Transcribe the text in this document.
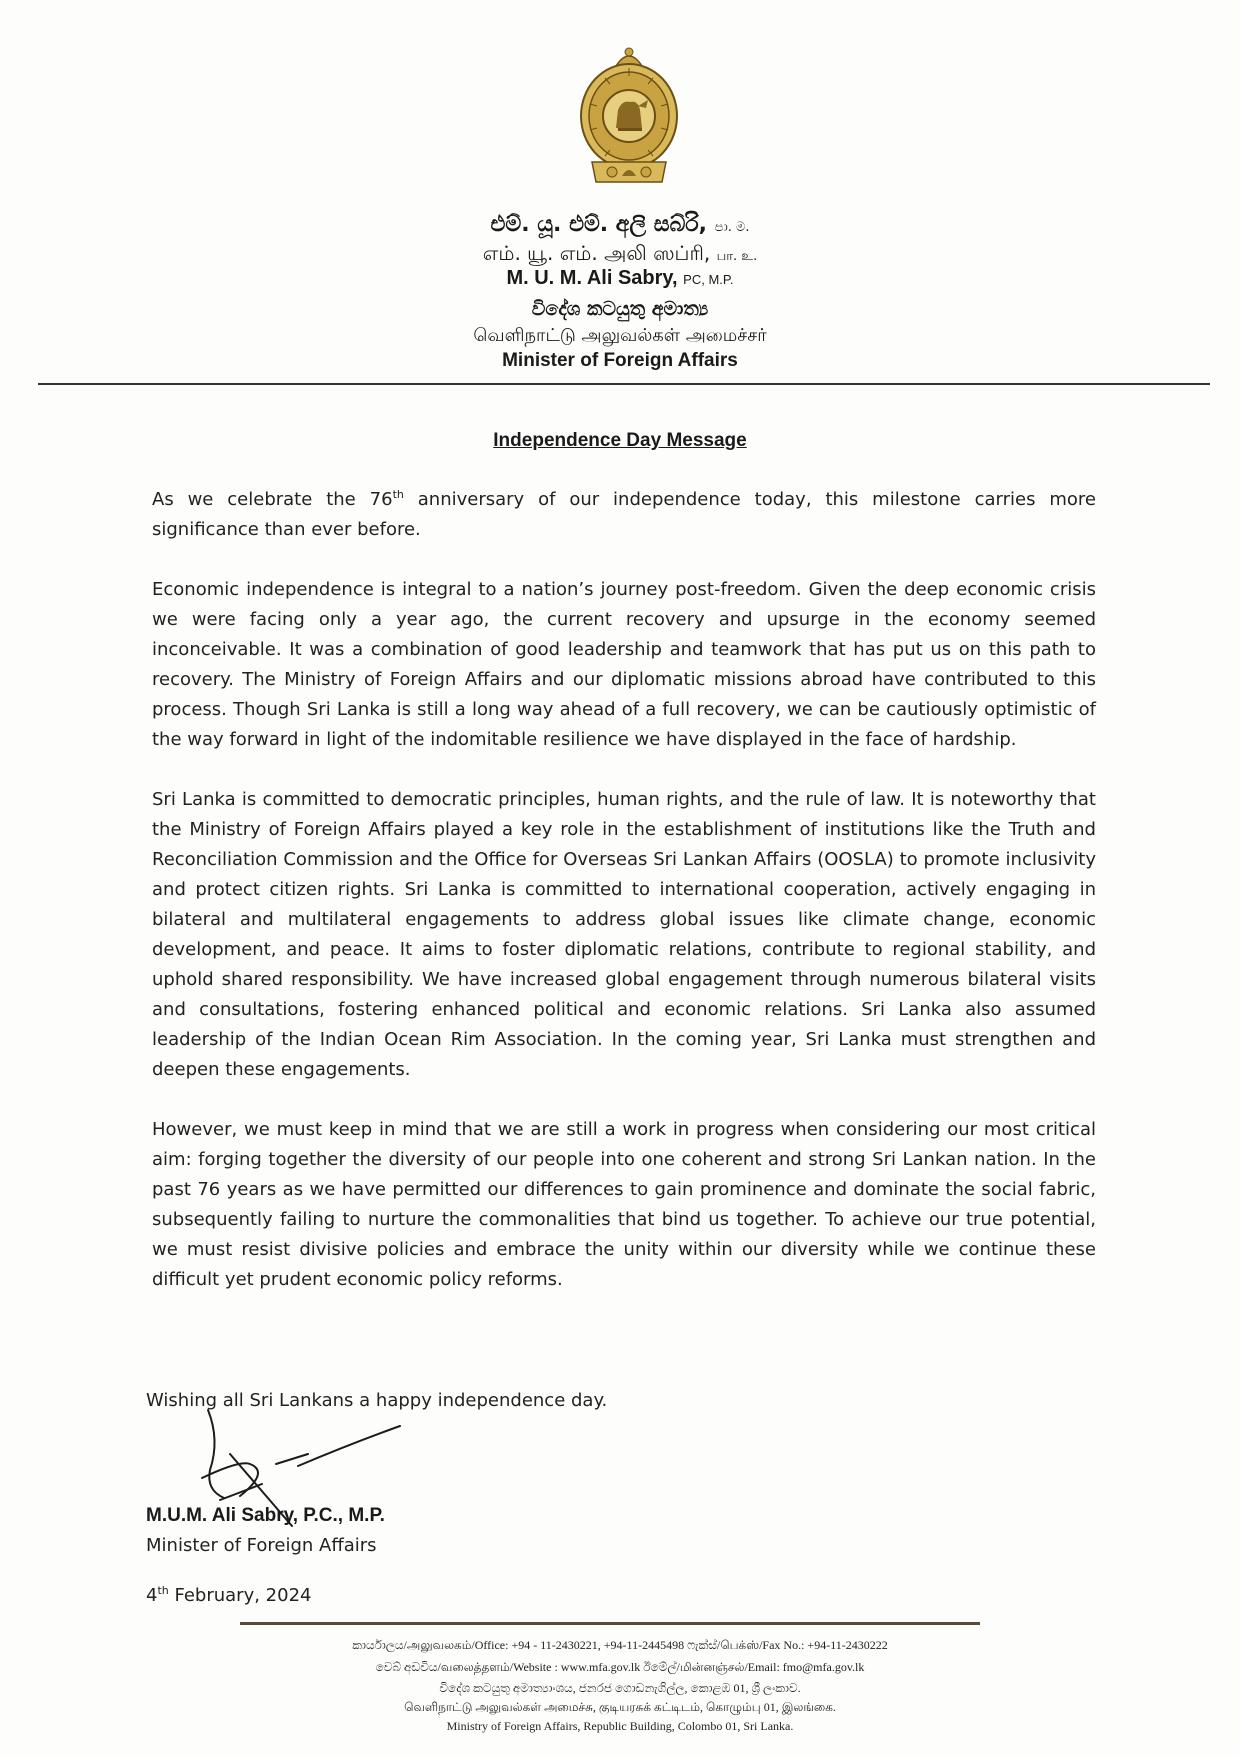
එම්. යූ. එම්. අලි සබ්රි, පා. ම.
எம். யூ. எம். அலி ஸப்ரி, பா. உ.
M. U. M. Ali Sabry, PC, M.P.
විදේශ කටයුතු අමාත්‍ය
வெளிநாட்டு அலுவல்கள் அமைச்சர்
Minister of Foreign Affairs
Independence Day Message

As we celebrate the 76th anniversary of our independence today, this milestone carries more significance than ever before.

Economic independence is integral to a nation’s journey post-freedom. Given the deep economic crisis we were facing only a year ago, the current recovery and upsurge in the economy seemed inconceivable. It was a combination of good leadership and teamwork that has put us on this path to recovery. The Ministry of Foreign Affairs and our diplomatic missions abroad have contributed to this process. Though Sri Lanka is still a long way ahead of a full recovery, we can be cautiously optimistic of the way forward in light of the indomitable resilience we have displayed in the face of hardship.

Sri Lanka is committed to democratic principles, human rights, and the rule of law. It is noteworthy that the Ministry of Foreign Affairs played a key role in the establishment of institutions like the Truth and Reconciliation Commission and the Office for Overseas Sri Lankan Affairs (OOSLA) to promote inclusivity and protect citizen rights. Sri Lanka is committed to international cooperation, actively engaging in bilateral and multilateral engagements to address global issues like climate change, economic development, and peace. It aims to foster diplomatic relations, contribute to regional stability, and uphold shared responsibility. We have increased global engagement through numerous bilateral visits and consultations, fostering enhanced political and economic relations. Sri Lanka also assumed leadership of the Indian Ocean Rim Association. In the coming year, Sri Lanka must strengthen and deepen these engagements.

However, we must keep in mind that we are still a work in progress when considering our most critical aim: forging together the diversity of our people into one coherent and strong Sri Lankan nation. In the past 76 years as we have permitted our differences to gain prominence and dominate the social fabric, subsequently failing to nurture the commonalities that bind us together. To achieve our true potential, we must resist divisive policies and embrace the unity within our diversity while we continue these difficult yet prudent economic policy reforms.

Wishing all Sri Lankans a happy independence day.
M.U.M. Ali Sabry, P.C., M.P.
Minister of Foreign Affairs
4th February, 2024
කාර්යාලය/அலுவலகம்/Office: +94 - 11-2430221, +94-11-2445498 ෆැක්ස්/பெக்ஸ்/Fax No.: +94-11-2430222
වෙබ් අඩවිය/வலைத்தளம்/Website : www.mfa.gov.lk ඊමේල්/மின்னஞ்சல்/Email: fmo@mfa.gov.lk
විදේශ කටයුතු අමාත්‍යාංශය, ජනරජ ගොඩනැගිල්ල, කොළඹ 01, ශ්‍රී ලංකාව.
வெளிநாட்டு அலுவல்கள் அமைச்சு, குடியரசுக் கட்டிடம், கொழும்பு 01, இலங்கை.
Ministry of Foreign Affairs, Republic Building, Colombo 01, Sri Lanka.
